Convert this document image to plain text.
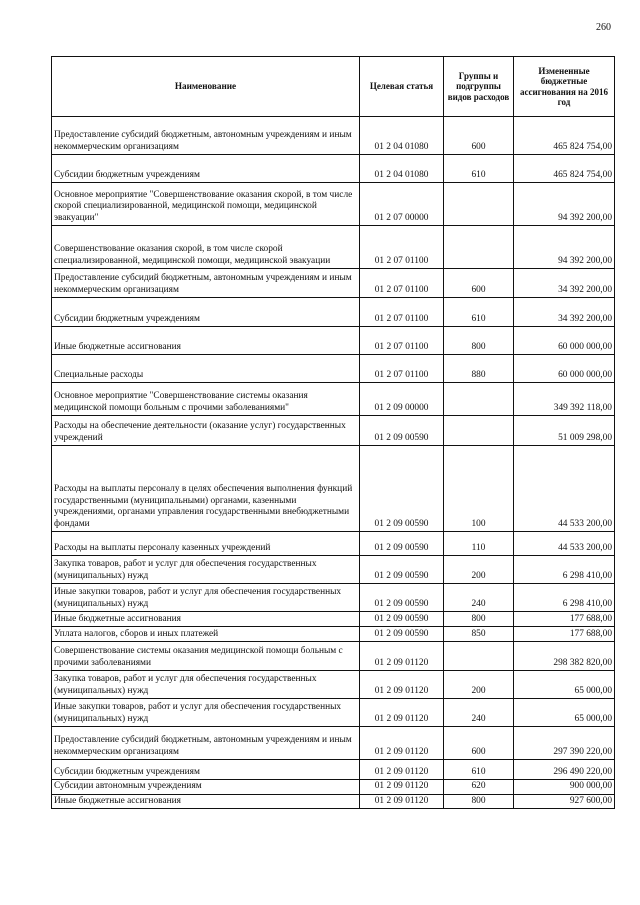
260
Наименование	Целевая статья	Группы и подгруппы видов расходов	Измененные бюджетные ассигнования на 2016 год
Предоставление субсидий бюджетным, автономным учреждениям и иным некоммерческим организациям	01 2 04 01080	600	465 824 754,00
Субсидии бюджетным учреждениям	01 2 04 01080	610	465 824 754,00
Основное мероприятие "Совершенствование оказания скорой, в том числе скорой специализированной, медицинской помощи, медицинской эвакуации"	01 2 07 00000		94 392 200,00
Совершенствование оказания скорой, в том числе скорой специализированной, медицинской помощи, медицинской эвакуации	01 2 07 01100		94 392 200,00
Предоставление субсидий бюджетным, автономным учреждениям и иным некоммерческим организациям	01 2 07 01100	600	34 392 200,00
Субсидии бюджетным учреждениям	01 2 07 01100	610	34 392 200,00
Иные бюджетные ассигнования	01 2 07 01100	800	60 000 000,00
Специальные расходы	01 2 07 01100	880	60 000 000,00
Основное мероприятие "Совершенствование системы оказания медицинской помощи больным с прочими заболеваниями"	01 2 09 00000		349 392 118,00
Расходы на обеспечение деятельности (оказание услуг) государственных учреждений	01 2 09 00590		51 009 298,00
Расходы на выплаты персоналу в целях обеспечения выполнения функций государственными (муниципальными) органами, казенными учреждениями, органами управления государственными внебюджетными фондами	01 2 09 00590	100	44 533 200,00
Расходы на выплаты персоналу казенных учреждений	01 2 09 00590	110	44 533 200,00
Закупка товаров, работ и услуг для обеспечения государственных (муниципальных) нужд	01 2 09 00590	200	6 298 410,00
Иные закупки товаров, работ и услуг для обеспечения государственных (муниципальных) нужд	01 2 09 00590	240	6 298 410,00
Иные бюджетные ассигнования	01 2 09 00590	800	177 688,00
Уплата налогов, сборов и иных платежей	01 2 09 00590	850	177 688,00
Совершенствование системы оказания медицинской помощи больным с прочими заболеваниями	01 2 09 01120		298 382 820,00
Закупка товаров, работ и услуг для обеспечения государственных (муниципальных) нужд	01 2 09 01120	200	65 000,00
Иные закупки товаров, работ и услуг для обеспечения государственных (муниципальных) нужд	01 2 09 01120	240	65 000,00
Предоставление субсидий бюджетным, автономным учреждениям и иным некоммерческим организациям	01 2 09 01120	600	297 390 220,00
Субсидии бюджетным учреждениям	01 2 09 01120	610	296 490 220,00
Субсидии автономным учреждениям	01 2 09 01120	620	900 000,00
Иные бюджетные ассигнования	01 2 09 01120	800	927 600,00
